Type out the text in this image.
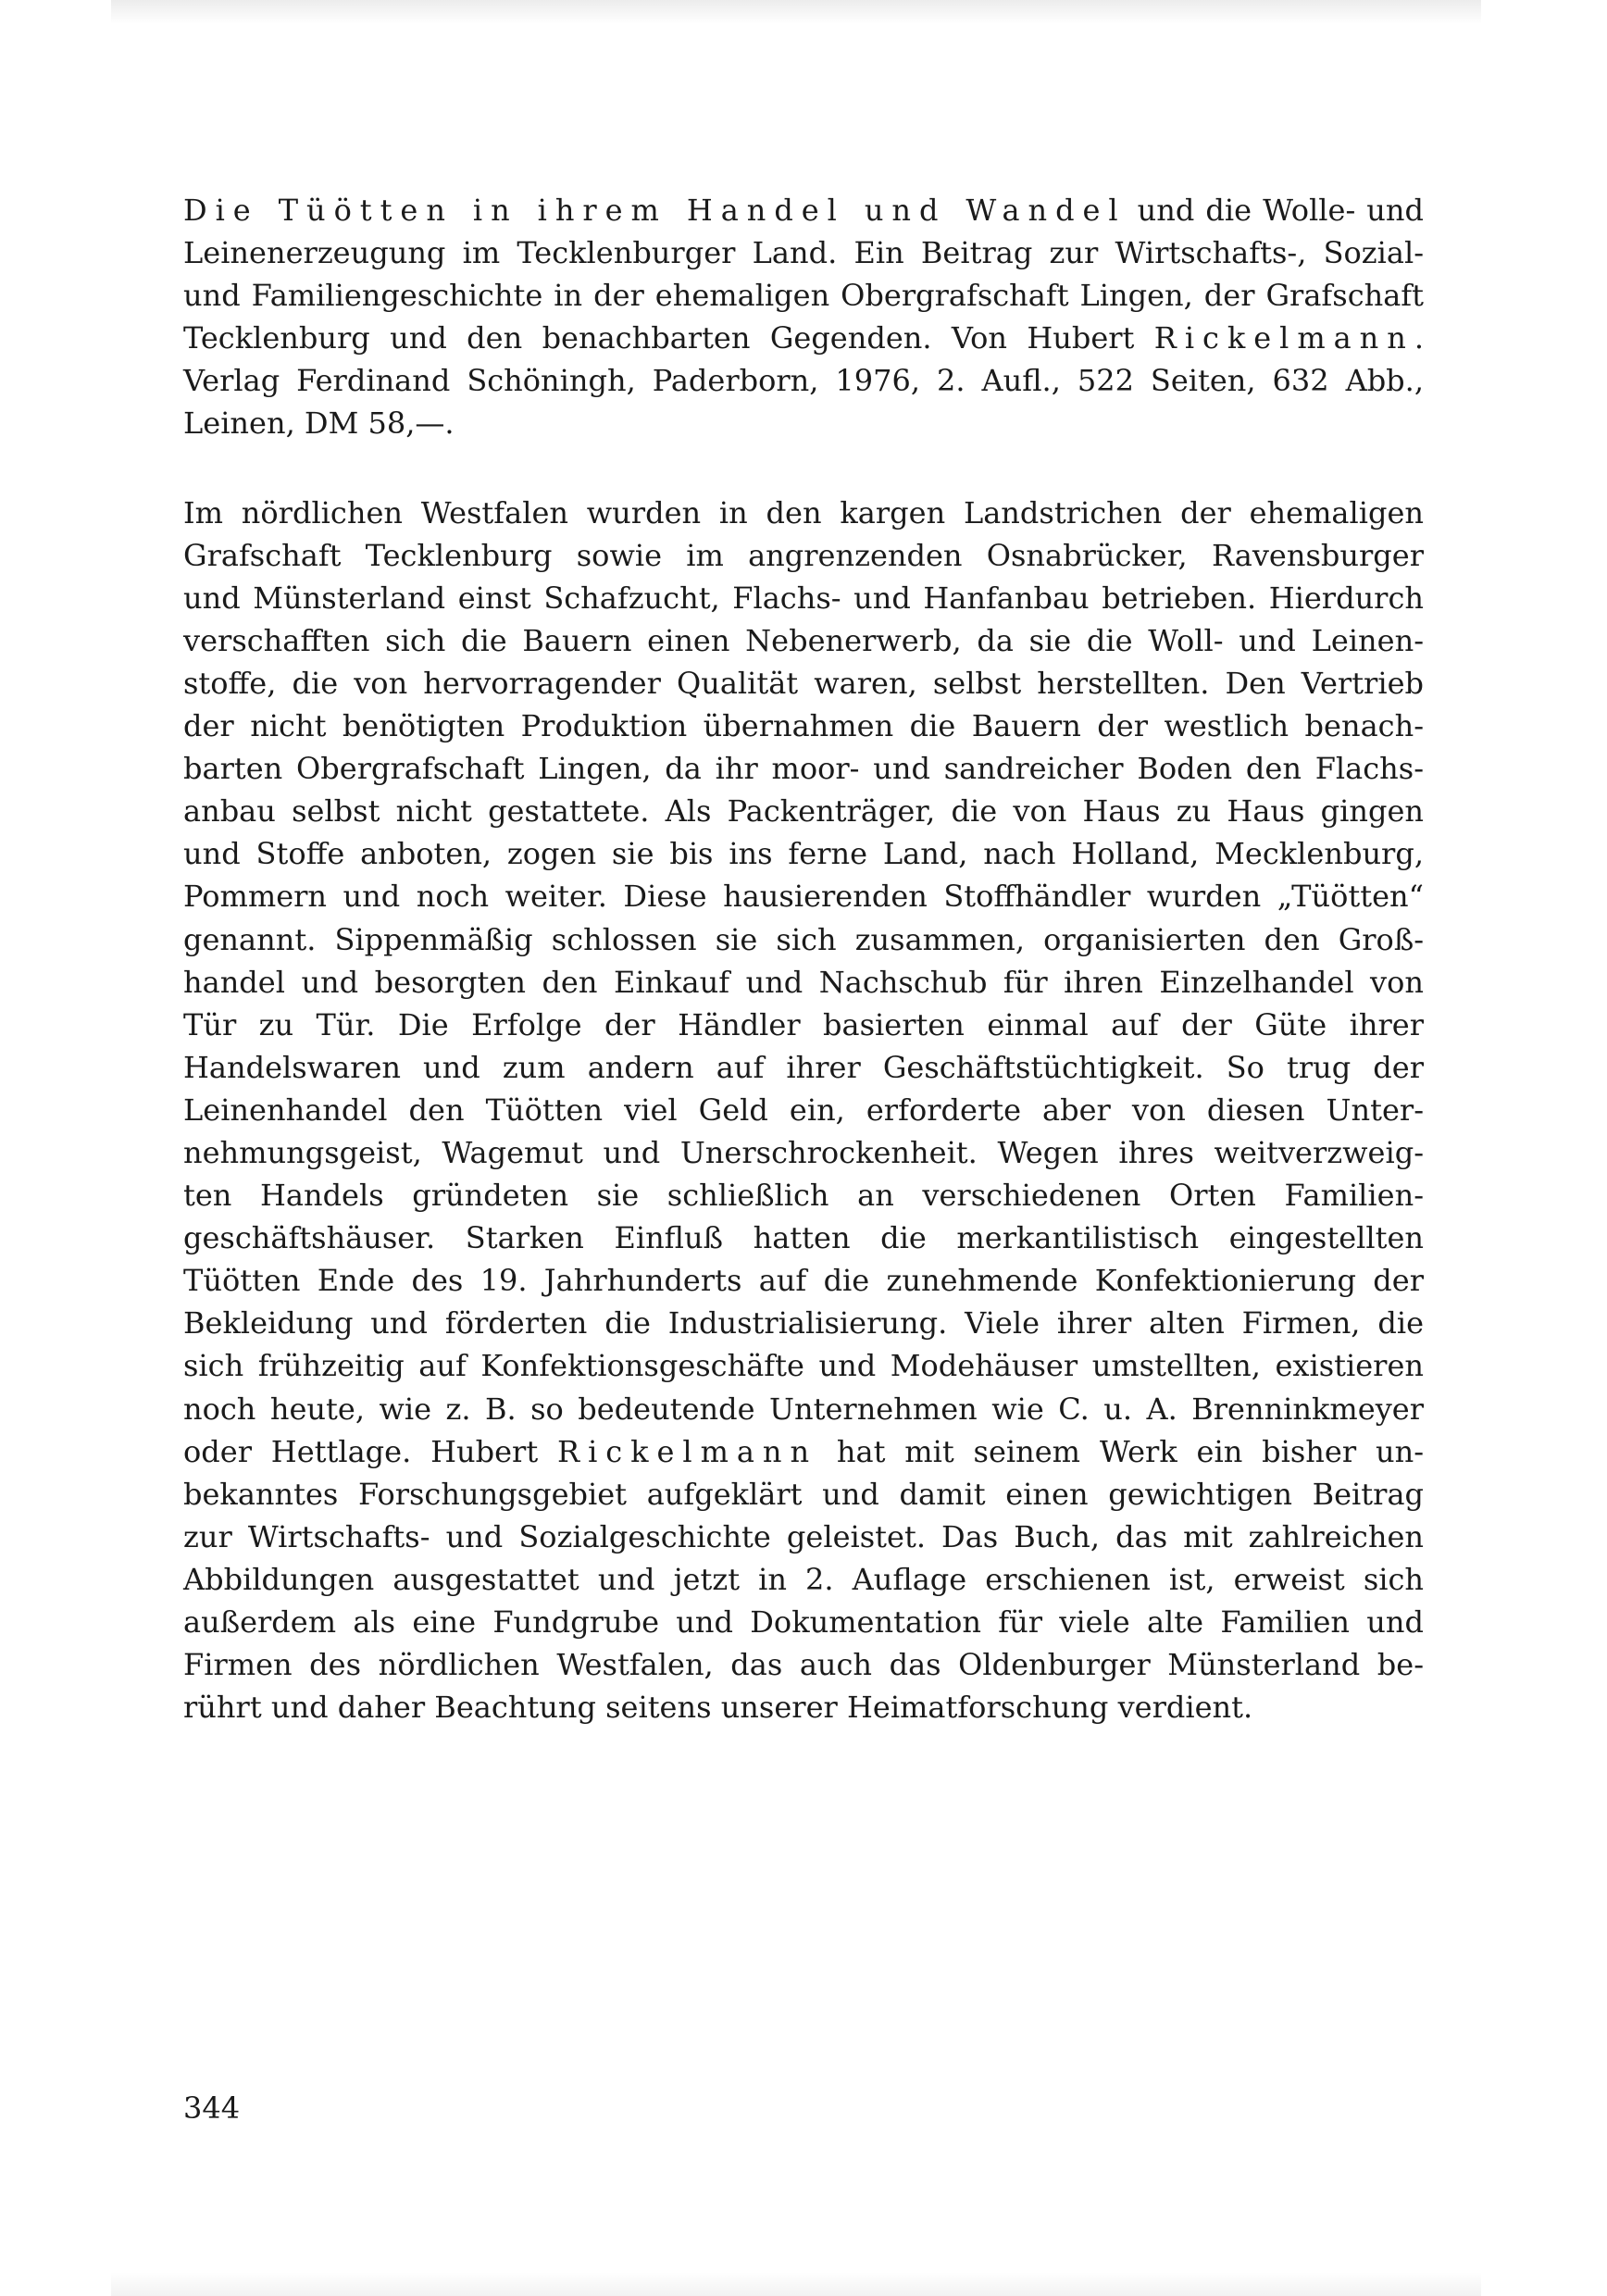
Die Tüötten in ihrem Handel und Wandel und die Wolle- und
Leinenerzeugung im Tecklenburger Land. Ein Beitrag zur Wirtschafts-, Sozial-
und Familiengeschichte in der ehemaligen Obergrafschaft Lingen, der Grafschaft
Tecklenburg und den benachbarten Gegenden. Von Hubert Rickelmann.
Verlag Ferdinand Schöningh, Paderborn, 1976, 2. Aufl., 522 Seiten, 632 Abb.,
Leinen, DM 58,—.

Im nördlichen Westfalen wurden in den kargen Landstrichen der ehemaligen
Grafschaft Tecklenburg sowie im angrenzenden Osnabrücker, Ravensburger
und Münsterland einst Schafzucht, Flachs- und Hanfanbau betrieben. Hierdurch
verschafften sich die Bauern einen Nebenerwerb, da sie die Woll- und Leinen-
stoffe, die von hervorragender Qualität waren, selbst herstellten. Den Vertrieb
der nicht benötigten Produktion übernahmen die Bauern der westlich benach-
barten Obergrafschaft Lingen, da ihr moor- und sandreicher Boden den Flachs-
anbau selbst nicht gestattete. Als Packenträger, die von Haus zu Haus gingen
und Stoffe anboten, zogen sie bis ins ferne Land, nach Holland, Mecklenburg,
Pommern und noch weiter. Diese hausierenden Stoffhändler wurden „Tüötten“
genannt. Sippenmäßig schlossen sie sich zusammen, organisierten den Groß-
handel und besorgten den Einkauf und Nachschub für ihren Einzelhandel von
Tür zu Tür. Die Erfolge der Händler basierten einmal auf der Güte ihrer
Handelswaren und zum andern auf ihrer Geschäftstüchtigkeit. So trug der
Leinenhandel den Tüötten viel Geld ein, erforderte aber von diesen Unter-
nehmungsgeist, Wagemut und Unerschrockenheit. Wegen ihres weitverzweig-
ten Handels gründeten sie schließlich an verschiedenen Orten Familien-
geschäftshäuser. Starken Einfluß hatten die merkantilistisch eingestellten
Tüötten Ende des 19. Jahrhunderts auf die zunehmende Konfektionierung der
Bekleidung und förderten die Industrialisierung. Viele ihrer alten Firmen, die
sich frühzeitig auf Konfektionsgeschäfte und Modehäuser umstellten, existieren
noch heute, wie z. B. so bedeutende Unternehmen wie C. u. A. Brenninkmeyer
oder Hettlage. Hubert Rickelmann hat mit seinem Werk ein bisher un-
bekanntes Forschungsgebiet aufgeklärt und damit einen gewichtigen Beitrag
zur Wirtschafts- und Sozialgeschichte geleistet. Das Buch, das mit zahlreichen
Abbildungen ausgestattet und jetzt in 2. Auflage erschienen ist, erweist sich
außerdem als eine Fundgrube und Dokumentation für viele alte Familien und
Firmen des nördlichen Westfalen, das auch das Oldenburger Münsterland be-
rührt und daher Beachtung seitens unserer Heimatforschung verdient.

344
